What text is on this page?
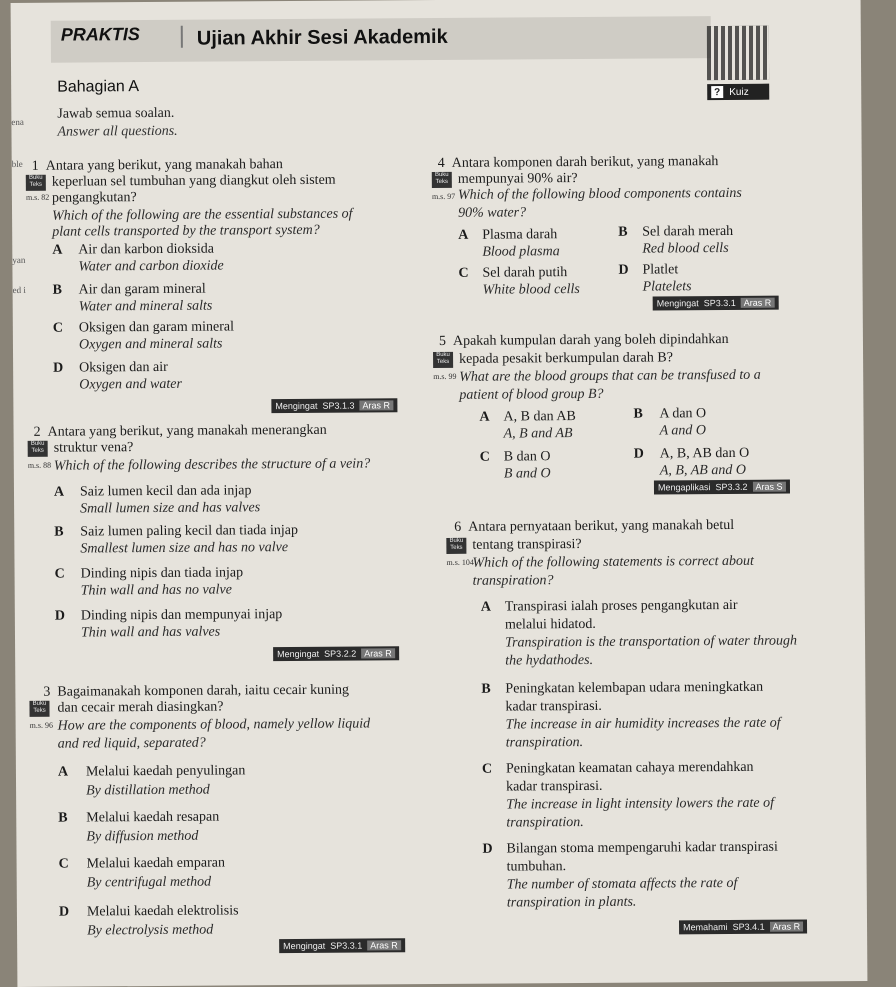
PRAKTIS	Ujian Akhir Sesi Akademik
? Kuiz
Bahagian A
Jawab semua soalan.
Answer all questions.
ena
ble
yan
ed i
1 Antara yang berikut, yang manakah bahan
Buku Teks keperluan sel tumbuhan yang diangkut oleh sistem
m.s. 82 pengangkutan?
Which of the following are the essential substances of
plant cells transported by the transport system?
A Air dan karbon dioksida
Water and carbon dioxide
B Air dan garam mineral
Water and mineral salts
C Oksigen dan garam mineral
Oxygen and mineral salts
D Oksigen dan air
Oxygen and water
Mengingat SP3.1.3 Aras R
2 Antara yang berikut, yang manakah menerangkan
Buku Teks struktur vena?
m.s. 88 Which of the following describes the structure of a vein?
A Saiz lumen kecil dan ada injap
Small lumen size and has valves
B Saiz lumen paling kecil dan tiada injap
Smallest lumen size and has no valve
C Dinding nipis dan tiada injap
Thin wall and has no valve
D Dinding nipis dan mempunyai injap
Thin wall and has valves
Mengingat SP3.2.2 Aras R
3 Bagaimanakah komponen darah, iaitu cecair kuning
Buku Teks dan cecair merah diasingkan?
m.s. 96 How are the components of blood, namely yellow liquid
and red liquid, separated?
A Melalui kaedah penyulingan
By distillation method
B Melalui kaedah resapan
By diffusion method
C Melalui kaedah emparan
By centrifugal method
D Melalui kaedah elektrolisis
By electrolysis method
Mengingat SP3.3.1 Aras R
4 Antara komponen darah berikut, yang manakah
Buku Teks mempunyai 90% air?
m.s. 97 Which of the following blood components contains
90% water?
A Plasma darah
Blood plasma
B Sel darah merah
Red blood cells
C Sel darah putih
White blood cells
D Platlet
Platelets
Mengingat SP3.3.1 Aras R
5 Apakah kumpulan darah yang boleh dipindahkan
Buku Teks kepada pesakit berkumpulan darah B?
m.s. 99 What are the blood groups that can be transfused to a
patient of blood group B?
A A, B dan AB
A, B and AB
B A dan O
A and O
C B dan O
B and O
D A, B, AB dan O
A, B, AB and O
Mengaplikasi SP3.3.2 Aras S
6 Antara pernyataan berikut, yang manakah betul
Buku Teks tentang transpirasi?
m.s. 104
Which of the following statements is correct about
transpiration?
A Transpirasi ialah proses pengangkutan air
melalui hidatod.
Transpiration is the transportation of water through
the hydathodes.
B Peningkatan kelembapan udara meningkatkan
kadar transpirasi.
The increase in air humidity increases the rate of
transpiration.
C Peningkatan keamatan cahaya merendahkan
kadar transpirasi.
The increase in light intensity lowers the rate of
transpiration.
D Bilangan stoma mempengaruhi kadar transpirasi
tumbuhan.
The number of stomata affects the rate of
transpiration in plants.
Memahami SP3.4.1 Aras R
